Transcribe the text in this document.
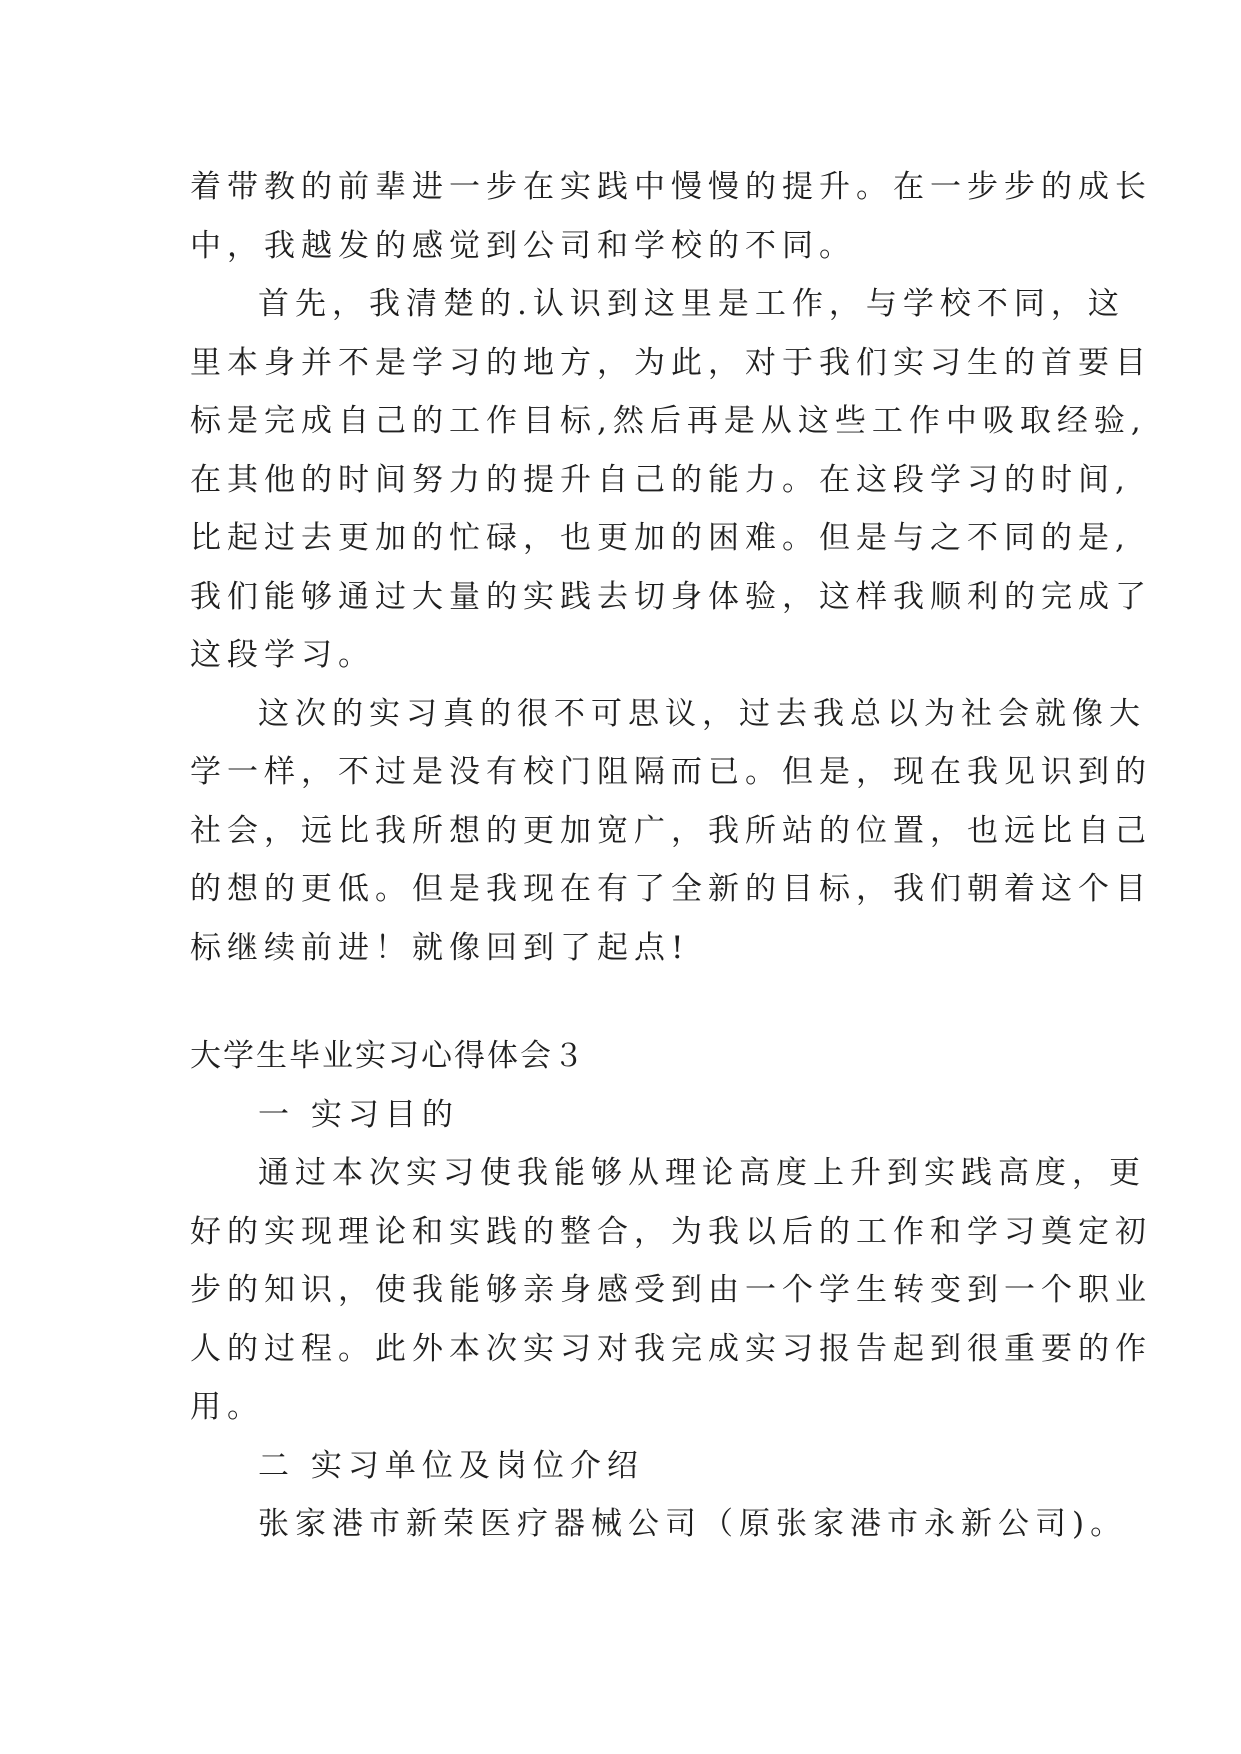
着带教的前辈进一步在实践中慢慢的提升。在一步步的成长
中，我越发的感觉到公司和学校的不同。
首先，我清楚的.认识到这里是工作，与学校不同，这
里本身并不是学习的地方，为此，对于我们实习生的首要目
标是完成自己的工作目标,然后再是从这些工作中吸取经验,
在其他的时间努力的提升自己的能力。在这段学习的时间,
比起过去更加的忙碌，也更加的困难。但是与之不同的是,
我们能够通过大量的实践去切身体验，这样我顺利的完成了
这段学习。
这次的实习真的很不可思议，过去我总以为社会就像大
学一样，不过是没有校门阻隔而已。但是，现在我见识到的
社会，远比我所想的更加宽广，我所站的位置，也远比自己
的想的更低。但是我现在有了全新的目标，我们朝着这个目
标继续前进！就像回到了起点!
大学生毕业实习心得体会３
一 实习目的
通过本次实习使我能够从理论高度上升到实践高度，更
好的实现理论和实践的整合，为我以后的工作和学习奠定初
步的知识，使我能够亲身感受到由一个学生转变到一个职业
人的过程。此外本次实习对我完成实习报告起到很重要的作
用。
二 实习单位及岗位介绍
张家港市新荣医疗器械公司（原张家港市永新公司)。
